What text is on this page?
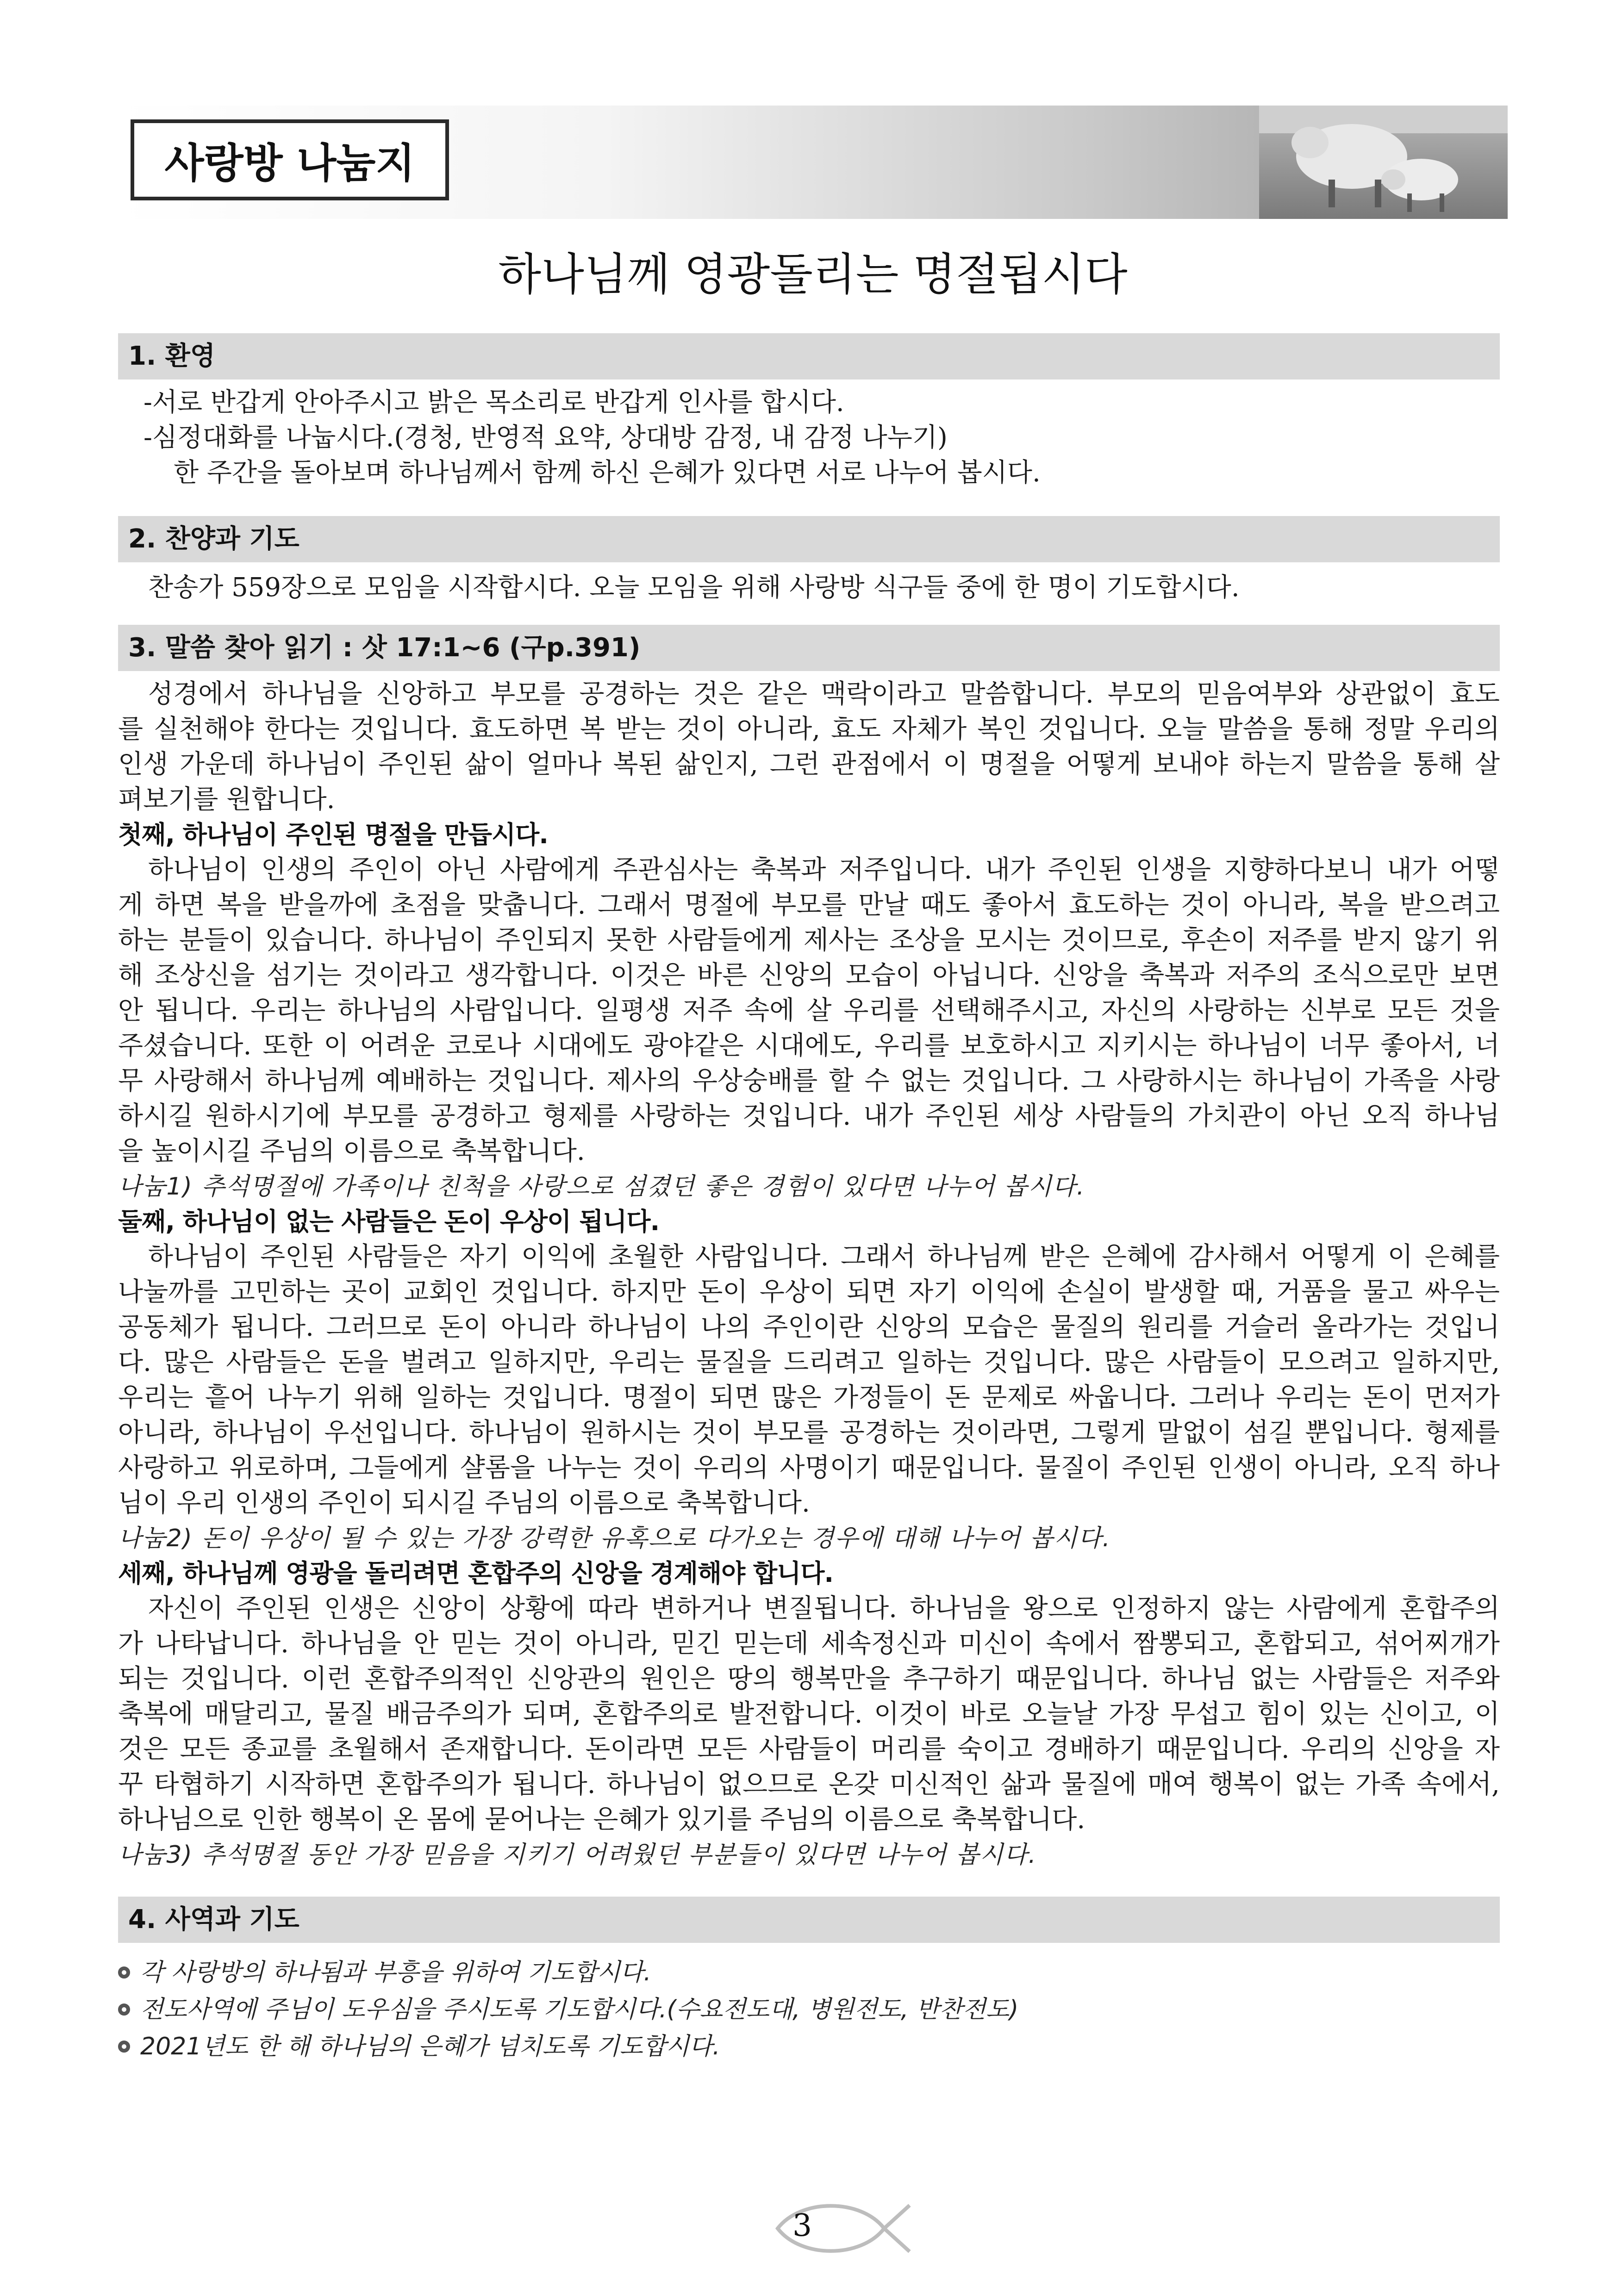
사랑방 나눔지
하나님께 영광돌리는 명절됩시다
1. 환영
-서로 반갑게 안아주시고 밝은 목소리로 반갑게 인사를 합시다.
-심정대화를 나눕시다.(경청, 반영적 요약, 상대방 감정, 내 감정 나누기)
한 주간을 돌아보며 하나님께서 함께 하신 은혜가 있다면 서로 나누어 봅시다.
2. 찬양과 기도
찬송가 559장으로 모임을 시작합시다. 오늘 모임을 위해 사랑방 식구들 중에 한 명이 기도합시다.
3. 말씀 찾아 읽기 : 삿 17:1~6 (구p.391)
성경에서 하나님을 신앙하고 부모를 공경하는 것은 같은 맥락이라고 말씀합니다. 부모의 믿음여부와 상관없이 효도
를 실천해야 한다는 것입니다. 효도하면 복 받는 것이 아니라, 효도 자체가 복인 것입니다. 오늘 말씀을 통해 정말 우리의
인생 가운데 하나님이 주인된 삶이 얼마나 복된 삶인지, 그런 관점에서 이 명절을 어떻게 보내야 하는지 말씀을 통해 살
펴보기를 원합니다.
첫째, 하나님이 주인된 명절을 만듭시다.
하나님이 인생의 주인이 아닌 사람에게 주관심사는 축복과 저주입니다. 내가 주인된 인생을 지향하다보니 내가 어떻
게 하면 복을 받을까에 초점을 맞춥니다. 그래서 명절에 부모를 만날 때도 좋아서 효도하는 것이 아니라, 복을 받으려고
하는 분들이 있습니다. 하나님이 주인되지 못한 사람들에게 제사는 조상을 모시는 것이므로, 후손이 저주를 받지 않기 위
해 조상신을 섬기는 것이라고 생각합니다. 이것은 바른 신앙의 모습이 아닙니다. 신앙을 축복과 저주의 조식으로만 보면
안 됩니다. 우리는 하나님의 사람입니다. 일평생 저주 속에 살 우리를 선택해주시고, 자신의 사랑하는 신부로 모든 것을
주셨습니다. 또한 이 어려운 코로나 시대에도 광야같은 시대에도, 우리를 보호하시고 지키시는 하나님이 너무 좋아서, 너
무 사랑해서 하나님께 예배하는 것입니다. 제사의 우상숭배를 할 수 없는 것입니다. 그 사랑하시는 하나님이 가족을 사랑
하시길 원하시기에 부모를 공경하고 형제를 사랑하는 것입니다. 내가 주인된 세상 사람들의 가치관이 아닌 오직 하나님
을 높이시길 주님의 이름으로 축복합니다.
나눔1) 추석명절에 가족이나 친척을 사랑으로 섬겼던 좋은 경험이 있다면 나누어 봅시다.
둘째, 하나님이 없는 사람들은 돈이 우상이 됩니다.
하나님이 주인된 사람들은 자기 이익에 초월한 사람입니다. 그래서 하나님께 받은 은혜에 감사해서 어떻게 이 은혜를
나눌까를 고민하는 곳이 교회인 것입니다. 하지만 돈이 우상이 되면 자기 이익에 손실이 발생할 때, 거품을 물고 싸우는
공동체가 됩니다. 그러므로 돈이 아니라 하나님이 나의 주인이란 신앙의 모습은 물질의 원리를 거슬러 올라가는 것입니
다. 많은 사람들은 돈을 벌려고 일하지만, 우리는 물질을 드리려고 일하는 것입니다. 많은 사람들이 모으려고 일하지만,
우리는 흩어 나누기 위해 일하는 것입니다. 명절이 되면 많은 가정들이 돈 문제로 싸웁니다. 그러나 우리는 돈이 먼저가
아니라, 하나님이 우선입니다. 하나님이 원하시는 것이 부모를 공경하는 것이라면, 그렇게 말없이 섬길 뿐입니다. 형제를
사랑하고 위로하며, 그들에게 샬롬을 나누는 것이 우리의 사명이기 때문입니다. 물질이 주인된 인생이 아니라, 오직 하나
님이 우리 인생의 주인이 되시길 주님의 이름으로 축복합니다.
나눔2) 돈이 우상이 될 수 있는 가장 강력한 유혹으로 다가오는 경우에 대해 나누어 봅시다.
세째, 하나님께 영광을 돌리려면 혼합주의 신앙을 경계해야 합니다.
자신이 주인된 인생은 신앙이 상황에 따라 변하거나 변질됩니다. 하나님을 왕으로 인정하지 않는 사람에게 혼합주의
가 나타납니다. 하나님을 안 믿는 것이 아니라, 믿긴 믿는데 세속정신과 미신이 속에서 짬뽕되고, 혼합되고, 섞어찌개가
되는 것입니다. 이런 혼합주의적인 신앙관의 원인은 땅의 행복만을 추구하기 때문입니다. 하나님 없는 사람들은 저주와
축복에 매달리고, 물질 배금주의가 되며, 혼합주의로 발전합니다. 이것이 바로 오늘날 가장 무섭고 힘이 있는 신이고, 이
것은 모든 종교를 초월해서 존재합니다. 돈이라면 모든 사람들이 머리를 숙이고 경배하기 때문입니다. 우리의 신앙을 자
꾸 타협하기 시작하면 혼합주의가 됩니다. 하나님이 없으므로 온갖 미신적인 삶과 물질에 매여 행복이 없는 가족 속에서,
하나님으로 인한 행복이 온 몸에 묻어나는 은혜가 있기를 주님의 이름으로 축복합니다.
나눔3) 추석명절 동안 가장 믿음을 지키기 어려웠던 부분들이 있다면 나누어 봅시다.
4. 사역과 기도
각 사랑방의 하나됨과 부흥을 위하여 기도합시다.
전도사역에 주님이 도우심을 주시도록 기도합시다.(수요전도대, 병원전도, 반찬전도)
2021년도 한 해 하나님의 은혜가 넘치도록 기도합시다.
3
